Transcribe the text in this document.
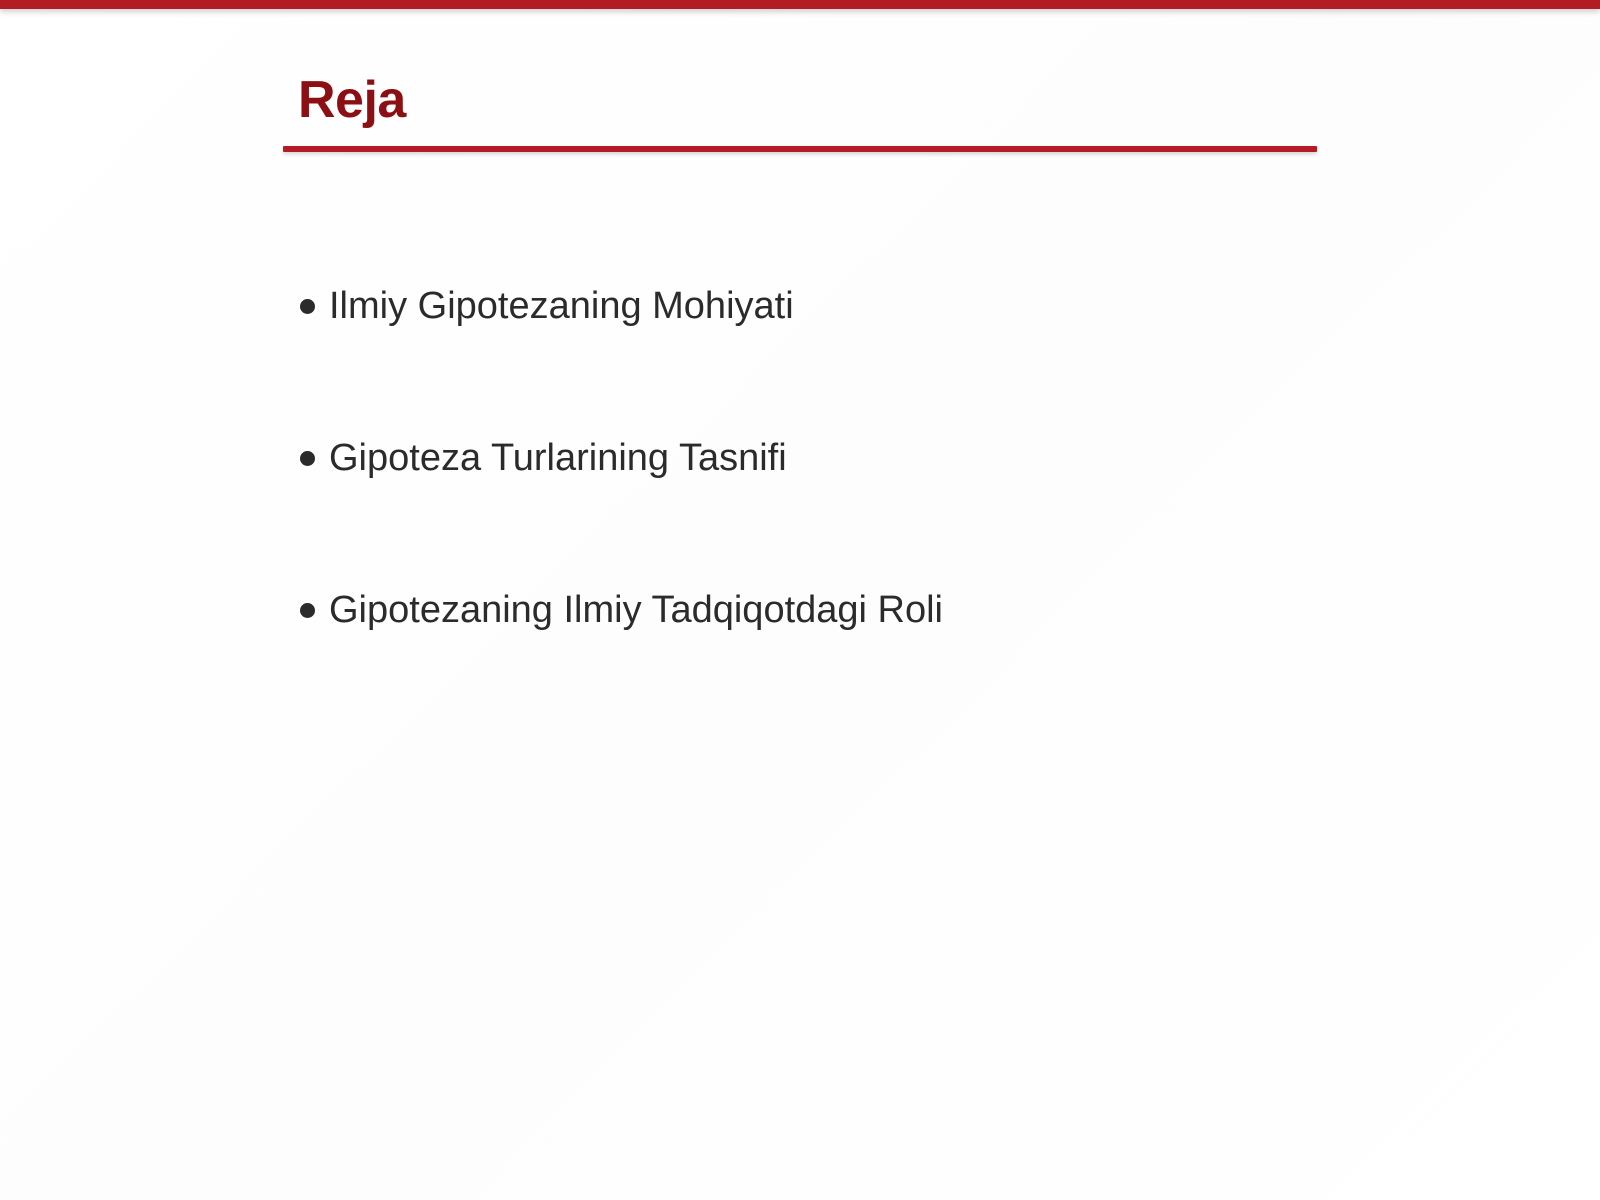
Reja
Ilmiy Gipotezaning Mohiyati
Gipoteza Turlarining Tasnifi
Gipotezaning Ilmiy Tadqiqotdagi Roli
